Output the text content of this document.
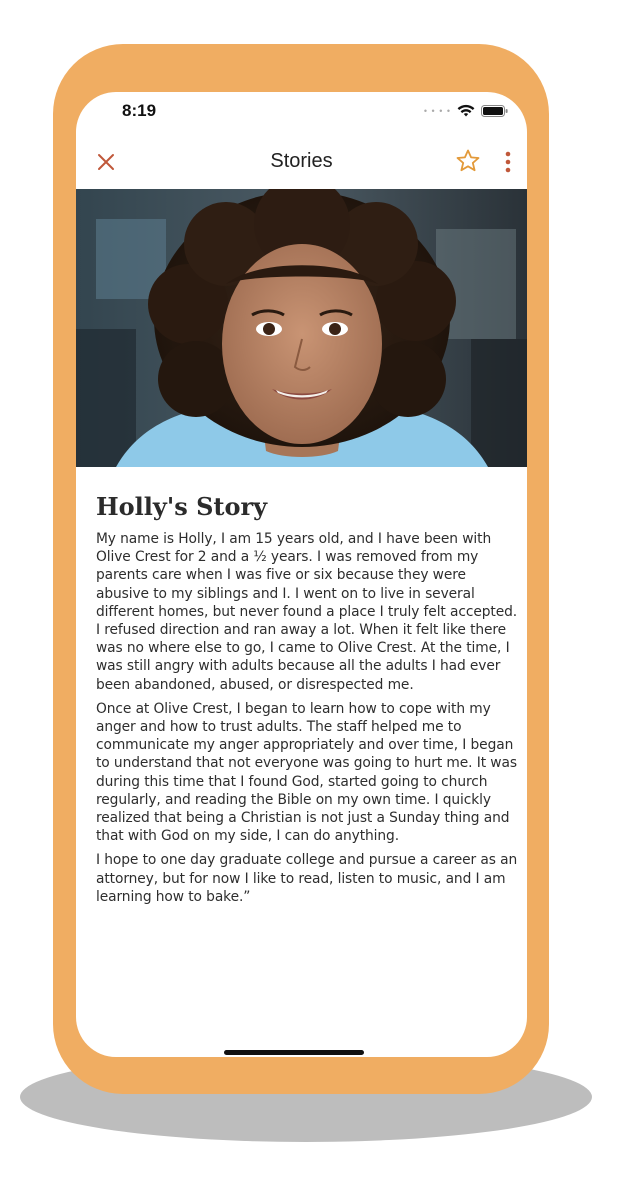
8:19	• • • •
Stories
Holly's Story

My name is Holly, I am 15 years old, and I have been with Olive Crest for 2 and a ½ years. I was removed from my parents care when I was five or six because they were abusive to my siblings and I. I went on to live in several different homes, but never found a place I truly felt accepted. I refused direction and ran away a lot. When it felt like there was no where else to go, I came to Olive Crest. At the time, I was still angry with adults because all the adults I had ever been abandoned, abused, or disrespected me.

Once at Olive Crest, I began to learn how to cope with my anger and how to trust adults. The staff helped me to communicate my anger appropriately and over time, I began to understand that not everyone was going to hurt me. It was during this time that I found God, started going to church regularly, and reading the Bible on my own time. I quickly realized that being a Christian is not just a Sunday thing and that with God on my side, I can do anything.

I hope to one day graduate college and pursue a career as an attorney, but for now I like to read, listen to music, and I am learning how to bake.”
